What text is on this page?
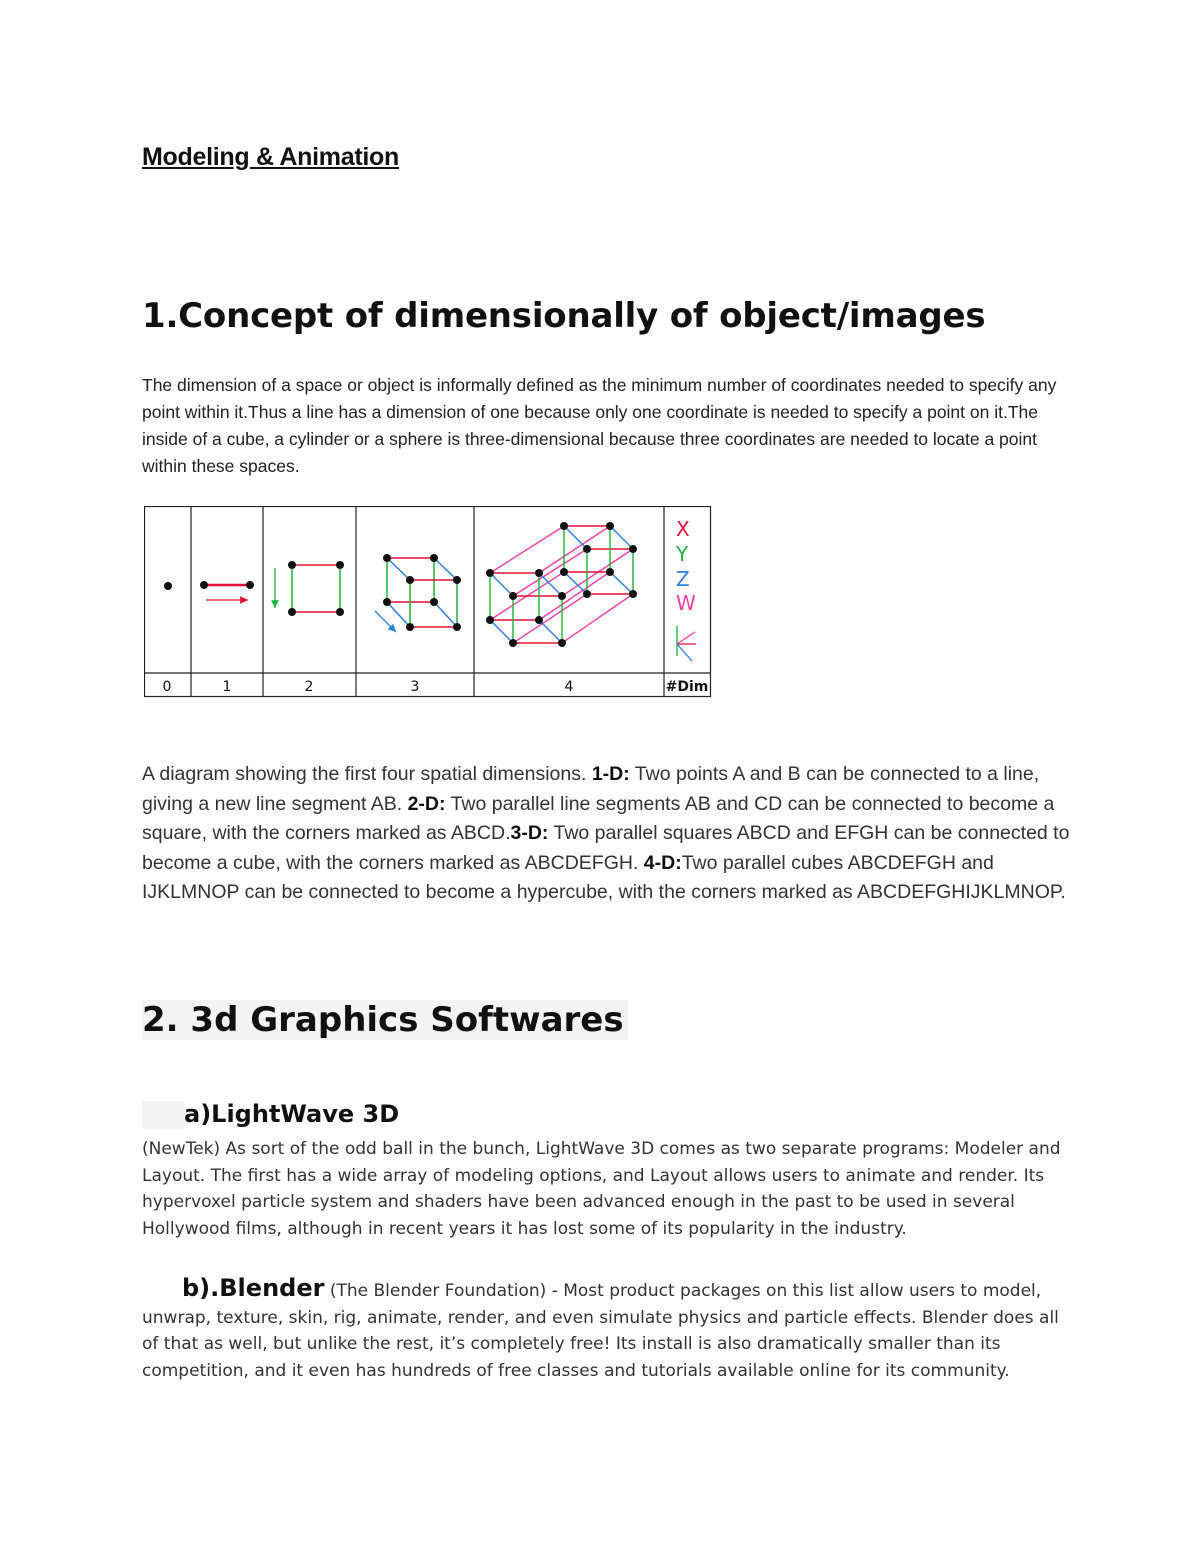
Modeling & Animation
1.Concept of dimensionally of object/images
The dimension of a space or object is informally defined as the minimum number of coordinates needed to specify any point within it.Thus a line has a dimension of one because only one coordinate is needed to specify a point on it.The inside of a cube, a cylinder or a sphere is three-dimensional because three coordinates are needed to locate a point within these spaces.
X
Y
Z
W
0	1	2	3	4	#Dim
A diagram showing the first four spatial dimensions. 1-D: Two points A and B can be connected to a line, giving a new line segment AB. 2-D: Two parallel line segments AB and CD can be connected to become a square, with the corners marked as ABCD.3-D: Two parallel squares ABCD and EFGH can be connected to become a cube, with the corners marked as ABCDEFGH. 4-D:Two parallel cubes ABCDEFGH and IJKLMNOP can be connected to become a hypercube, with the corners marked as ABCDEFGHIJKLMNOP.
2. 3d Graphics Softwares
a)LightWave 3D
(NewTek) As sort of the odd ball in the bunch, LightWave 3D comes as two separate programs: Modeler and Layout. The first has a wide array of modeling options, and Layout allows users to animate and render. Its hypervoxel particle system and shaders have been advanced enough in the past to be used in several Hollywood films, although in recent years it has lost some of its popularity in the industry.
b).Blender (The Blender Foundation) - Most product packages on this list allow users to model, unwrap, texture, skin, rig, animate, render, and even simulate physics and particle effects. Blender does all of that as well, but unlike the rest, it’s completely free! Its install is also dramatically smaller than its competition, and it even has hundreds of free classes and tutorials available online for its community.
